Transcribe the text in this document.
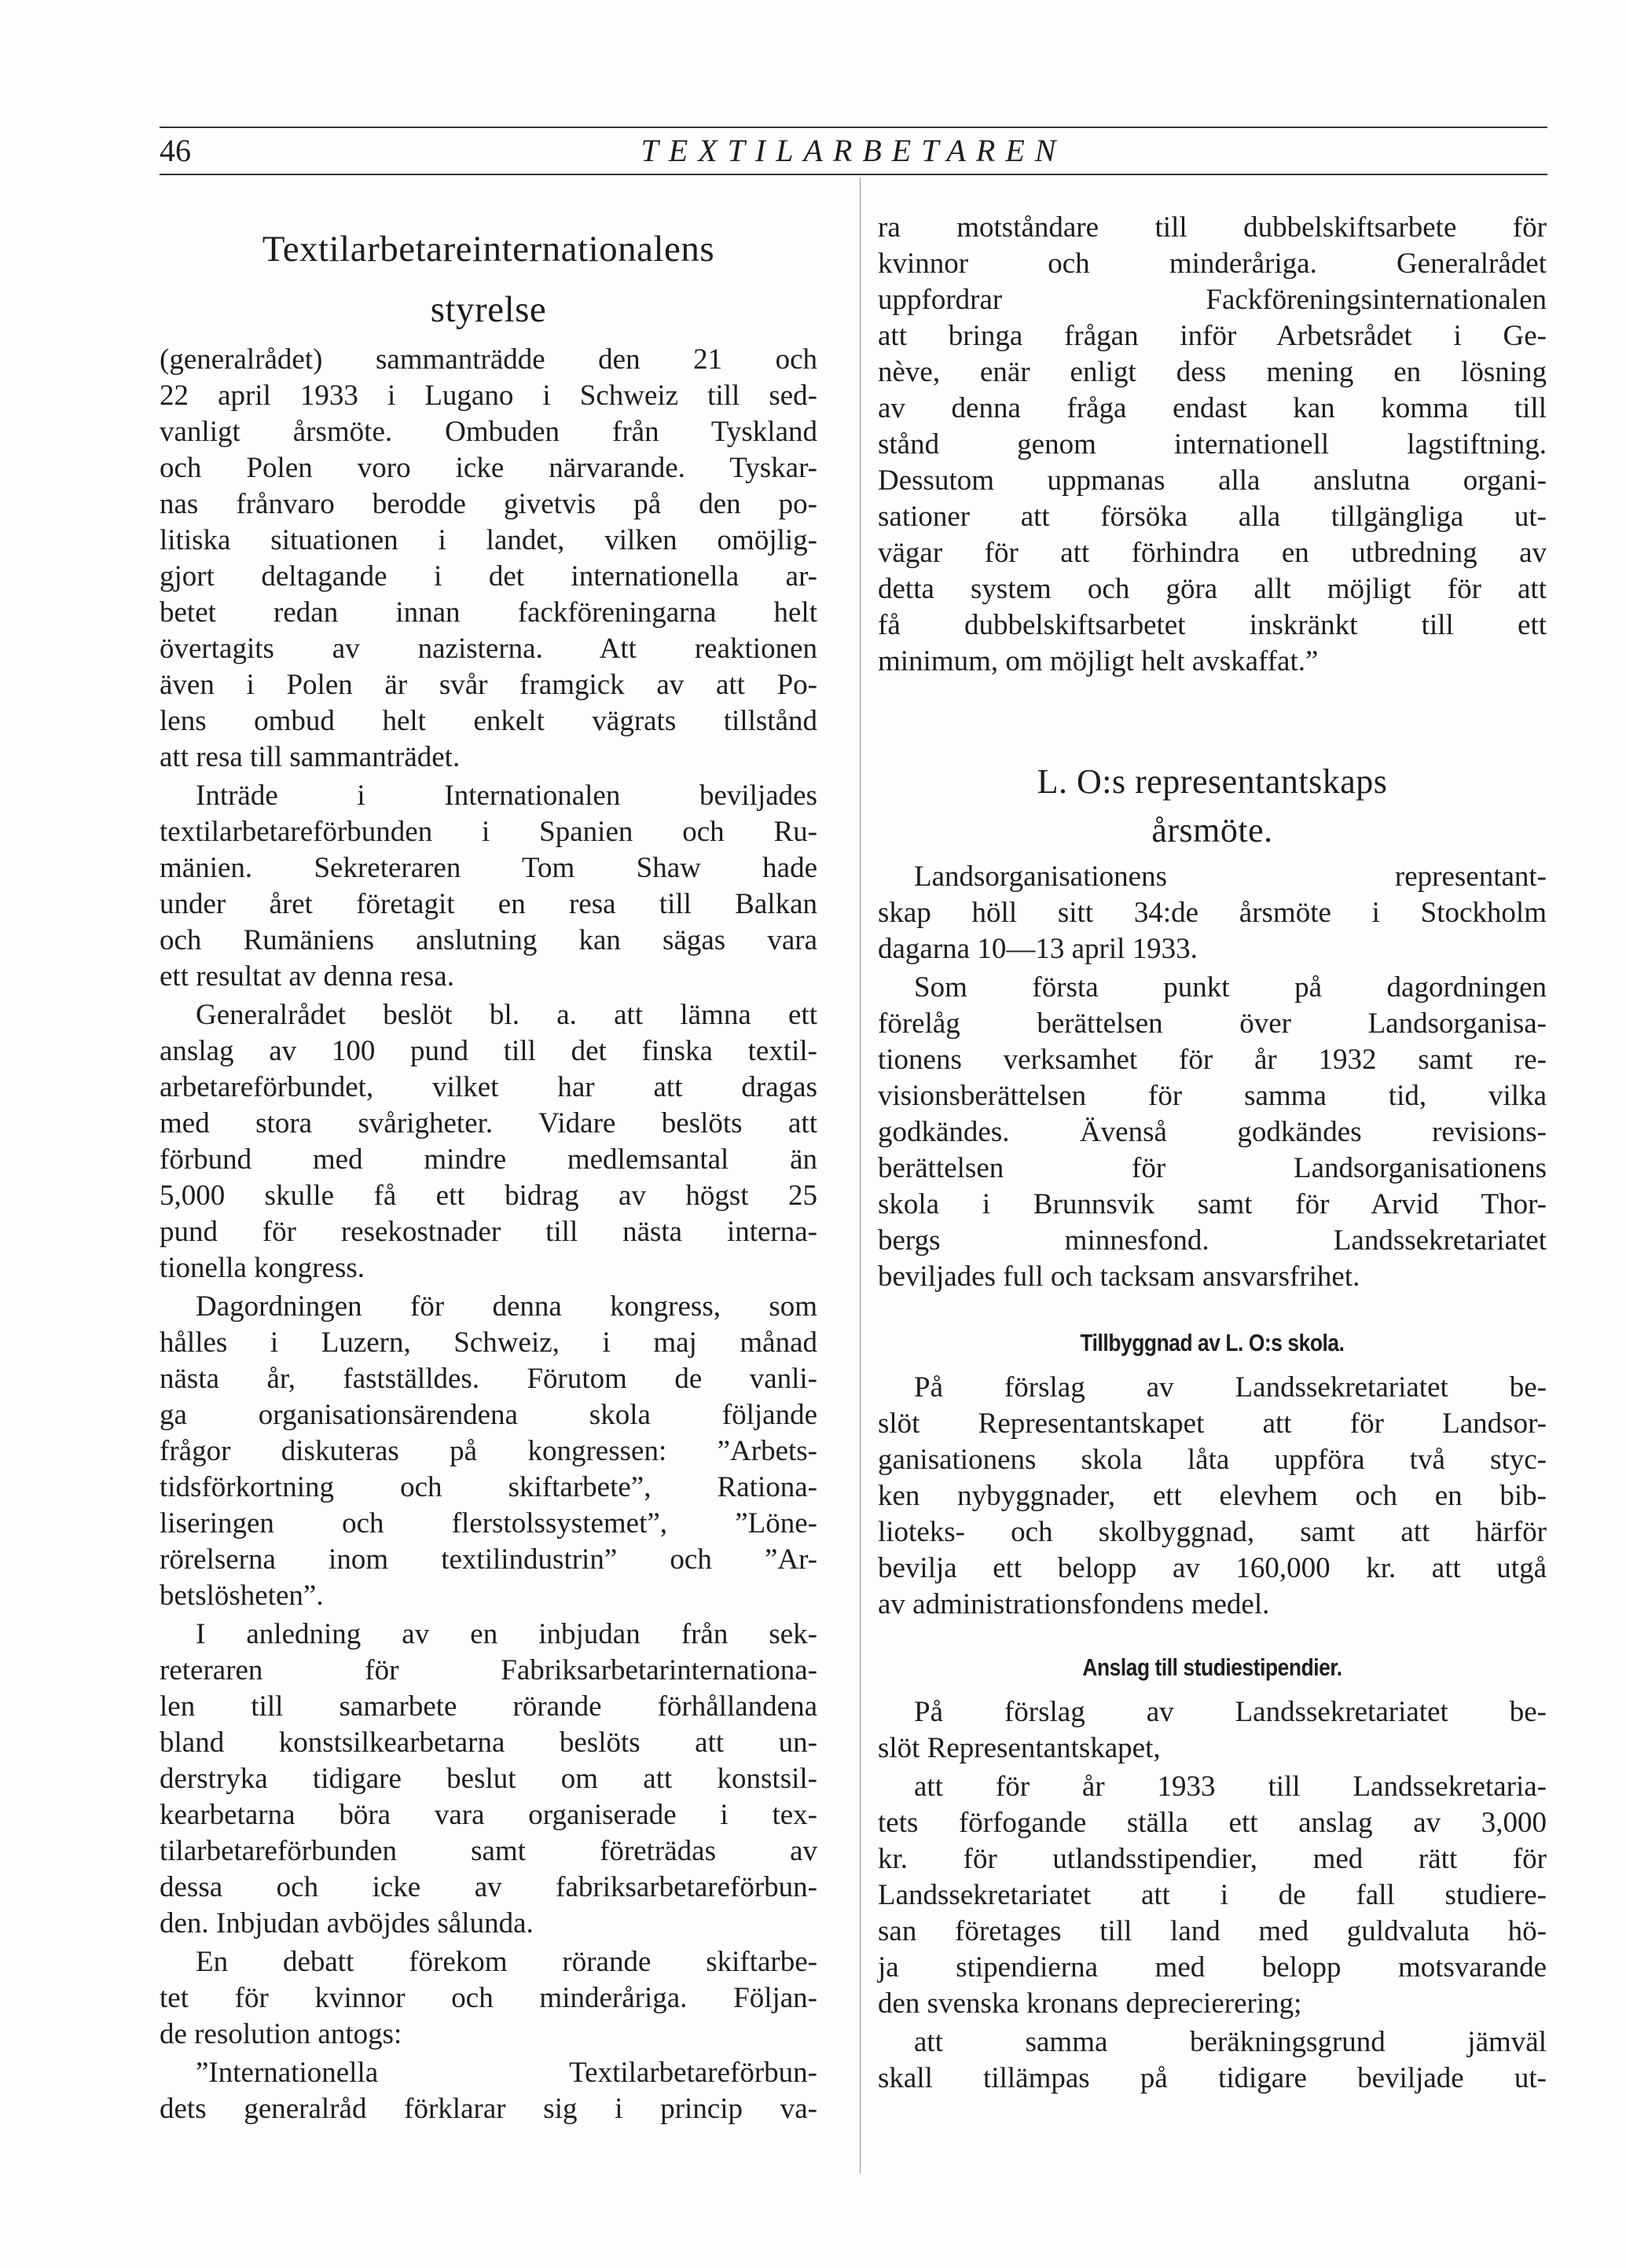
46	TEXTILARBETAREN
Textilarbetareinternationalens
styrelse
(generalrådet) sammanträdde den 21 och
22 april 1933 i Lugano i Schweiz till sed-
vanligt årsmöte. Ombuden från Tyskland
och Polen voro icke närvarande. Tyskar-
nas frånvaro berodde givetvis på den po-
litiska situationen i landet, vilken omöjlig-
gjort deltagande i det internationella ar-
betet redan innan fackföreningarna helt
övertagits av nazisterna. Att reaktionen
även i Polen är svår framgick av att Po-
lens ombud helt enkelt vägrats tillstånd
att resa till sammanträdet.
Inträde i Internationalen beviljades
textilarbetareförbunden i Spanien och Ru-
mänien. Sekreteraren Tom Shaw hade
under året företagit en resa till Balkan
och Rumäniens anslutning kan sägas vara
ett resultat av denna resa.
Generalrådet beslöt bl. a. att lämna ett
anslag av 100 pund till det finska textil-
arbetareförbundet, vilket har att dragas
med stora svårigheter. Vidare beslöts att
förbund med mindre medlemsantal än
5,000 skulle få ett bidrag av högst 25
pund för resekostnader till nästa interna-
tionella kongress.
Dagordningen för denna kongress, som
hålles i Luzern, Schweiz, i maj månad
nästa år, fastställdes. Förutom de vanli-
ga organisationsärendena skola följande
frågor diskuteras på kongressen: ”Arbets-
tidsförkortning och skiftarbete”, Rationa-
liseringen och flerstolssystemet”, ”Löne-
rörelserna inom textilindustrin” och ”Ar-
betslösheten”.
I anledning av en inbjudan från sek-
reteraren för Fabriksarbetarinternationa-
len till samarbete rörande förhållandena
bland konstsilkearbetarna beslöts att un-
derstryka tidigare beslut om att konstsil-
kearbetarna böra vara organiserade i tex-
tilarbetareförbunden samt företrädas av
dessa och icke av fabriksarbetareförbun-
den. Inbjudan avböjdes sålunda.
En debatt förekom rörande skiftarbe-
tet för kvinnor och minderåriga. Följan-
de resolution antogs:
”Internationella Textilarbetareförbun-
dets generalråd förklarar sig i princip va-
ra motståndare till dubbelskiftsarbete för
kvinnor och minderåriga. Generalrådet
uppfordrar Fackföreningsinternationalen
att bringa frågan inför Arbetsrådet i Ge-
nève, enär enligt dess mening en lösning
av denna fråga endast kan komma till
stånd genom internationell lagstiftning.
Dessutom uppmanas alla anslutna organi-
sationer att försöka alla tillgängliga ut-
vägar för att förhindra en utbredning av
detta system och göra allt möjligt för att
få dubbelskiftsarbetet inskränkt till ett
minimum, om möjligt helt avskaffat.”
L. O:s representantskaps
årsmöte.
Landsorganisationens representant-
skap höll sitt 34:de årsmöte i Stockholm
dagarna 10—13 april 1933.
Som första punkt på dagordningen
förelåg berättelsen över Landsorganisa-
tionens verksamhet för år 1932 samt re-
visionsberättelsen för samma tid, vilka
godkändes. Ävenså godkändes revisions-
berättelsen för Landsorganisationens
skola i Brunnsvik samt för Arvid Thor-
bergs minnesfond. Landssekretariatet
beviljades full och tacksam ansvarsfrihet.
Tillbyggnad av L. O:s skola.
På förslag av Landssekretariatet be-
slöt Representantskapet att för Landsor-
ganisationens skola låta uppföra två styc-
ken nybyggnader, ett elevhem och en bib-
lioteks- och skolbyggnad, samt att härför
bevilja ett belopp av 160,000 kr. att utgå
av administrationsfondens medel.
Anslag till studiestipendier.
På förslag av Landssekretariatet be-
slöt Representantskapet,
att för år 1933 till Landssekretaria-
tets förfogande ställa ett anslag av 3,000
kr. för utlandsstipendier, med rätt för
Landssekretariatet att i de fall studiere-
san företages till land med guldvaluta hö-
ja stipendierna med belopp motsvarande
den svenska kronans deprecierering;
att samma beräkningsgrund jämväl
skall tillämpas på tidigare beviljade ut-
